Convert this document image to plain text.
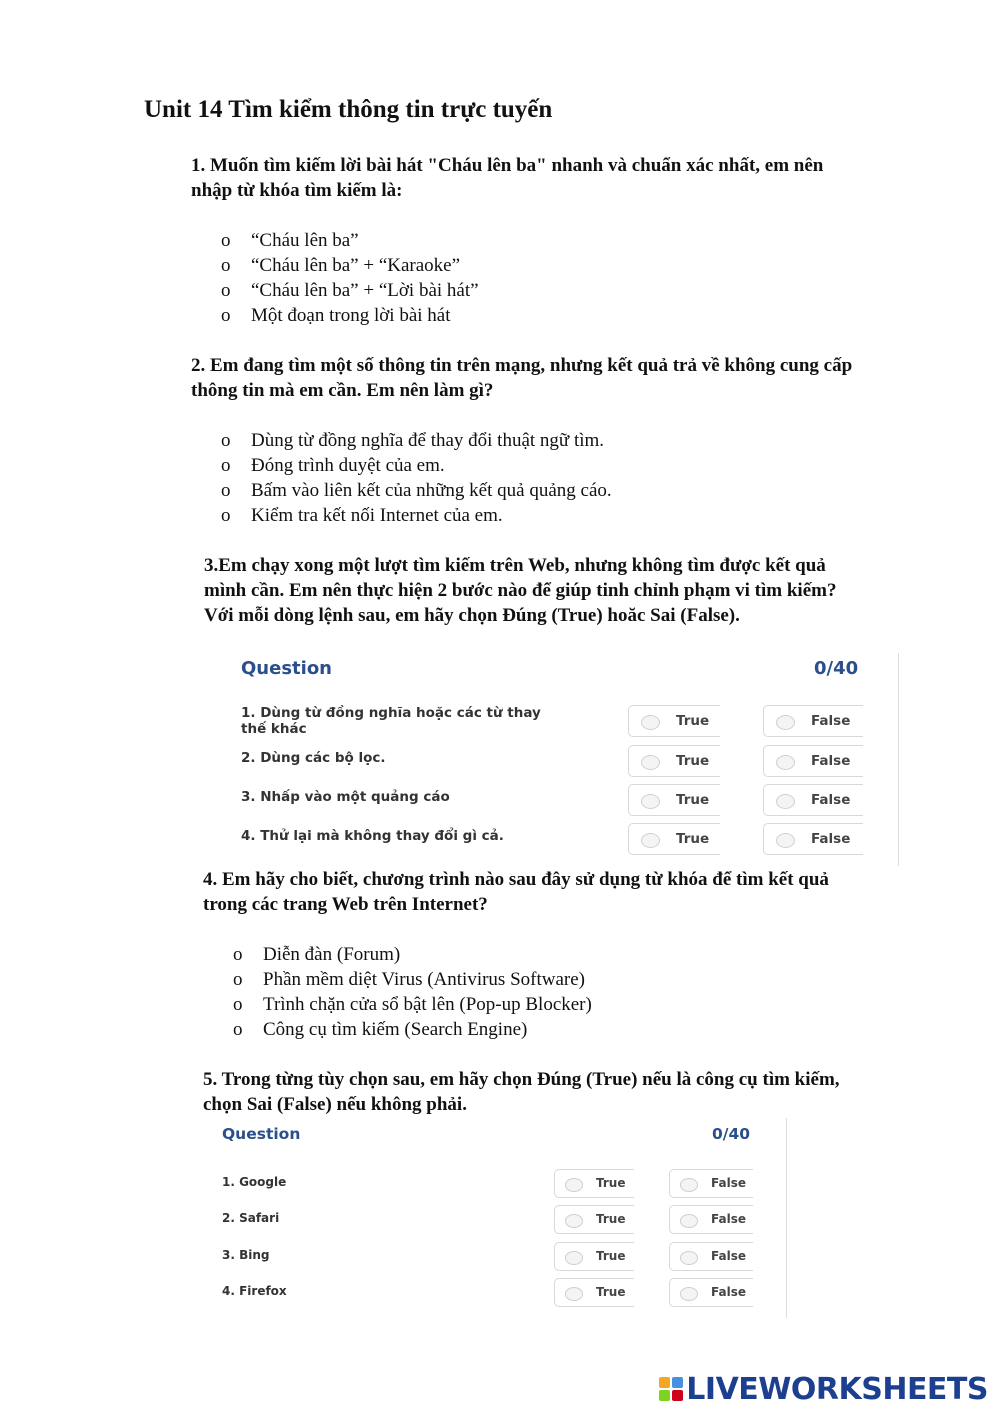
Unit 14 Tìm kiểm thông tin trực tuyến
1. Muốn tìm kiếm lời bài hát "Cháu lên ba" nhanh và chuẩn xác nhất, em nên
nhập từ khóa tìm kiếm là:
o “Cháu lên ba”
o “Cháu lên ba” + “Karaoke”
o “Cháu lên ba” + “Lời bài hát”
o Một đoạn trong lời bài hát
2. Em đang tìm một số thông tin trên mạng, nhưng kết quả trả về không cung cấp
thông tin mà em cần. Em nên làm gì?
o Dùng từ đồng nghĩa để thay đổi thuật ngữ tìm.
o Đóng trình duyệt của em.
o Bấm vào liên kết của những kết quả quảng cáo.
o Kiểm tra kết nối Internet của em.
3.Em chạy xong một lượt tìm kiếm trên Web, nhưng không tìm được kết quả
mình cần. Em nên thực hiện 2 bước nào để giúp tinh chỉnh phạm vi tìm kiếm?
Với mỗi dòng lệnh sau, em hãy chọn Đúng (True) hoăc Sai (False).
Question	0/40
1. Dùng từ đồng nghĩa hoặc các từ thay
thế khác	True	False
2. Dùng các bộ lọc.	True	False
3. Nhấp vào một quảng cáo	True	False
4. Thử lại mà không thay đổi gì cả.	True	False
4. Em hãy cho biết, chương trình nào sau đây sử dụng từ khóa để tìm kết quả
trong các trang Web trên Internet?
o Diễn đàn (Forum)
o Phần mềm diệt Virus (Antivirus Software)
o Trình chặn cửa sổ bật lên (Pop-up Blocker)
o Công cụ tìm kiếm (Search Engine)
5. Trong từng tùy chọn sau, em hãy chọn Đúng (True) nếu là công cụ tìm kiếm,
chọn Sai (False) nếu không phải.
Question	0/40
1. Google	True	False
2. Safari	True	False
3. Bing	True	False
4. Firefox	True	False
LIVEWORKSHEETS
